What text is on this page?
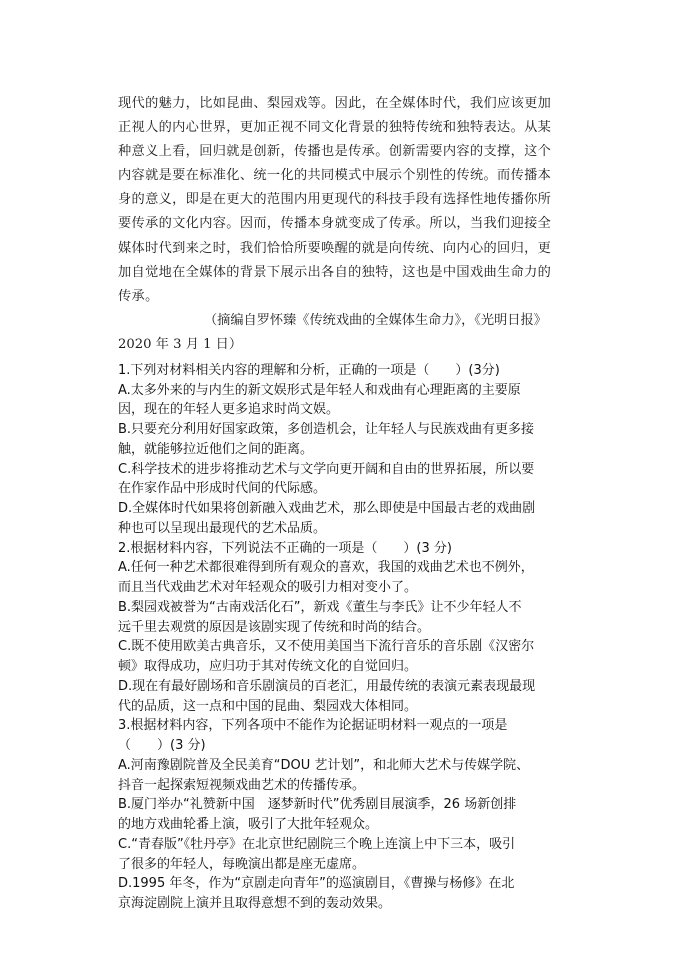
现代的魅力，比如昆曲、梨园戏等。因此，在全媒体时代，我们应该更加

正视人的内心世界，更加正视不同文化背景的独特传统和独特表达。从某

种意义上看，回归就是创新，传播也是传承。创新需要内容的支撑，这个

内容就是要在标准化、统一化的共同模式中展示个别性的传统。而传播本

身的意义，即是在更大的范围内用更现代的科技手段有选择性地传播你所

要传承的文化内容。因而，传播本身就变成了传承。所以，当我们迎接全

媒体时代到来之时，我们恰恰所要唤醒的就是向传统、向内心的回归，更

加自觉地在全媒体的背景下展示出各自的独特，这也是中国戏曲生命力的

传承。

（摘编自罗怀臻《传统戏曲的全媒体生命力》，《光明日报》

2020 年 3 月 1 日）

1.下列对材料相关内容的理解和分析，正确的一项是（　　）(3分)

A.太多外来的与内生的新文娱形式是年轻人和戏曲有心理距离的主要原

因，现在的年轻人更多追求时尚文娱。

B.只要充分利用好国家政策，多创造机会，让年轻人与民族戏曲有更多接

触，就能够拉近他们之间的距离。

C.科学技术的进步将推动艺术与文学向更开阔和自由的世界拓展，所以要

在作家作品中形成时代间的代际感。

D.全媒体时代如果将创新融入戏曲艺术，那么即使是中国最古老的戏曲剧

种也可以呈现出最现代的艺术品质。

2.根据材料内容，下列说法不正确的一项是（　　）(3 分)

A.任何一种艺术都很难得到所有观众的喜欢，我国的戏曲艺术也不例外，

而且当代戏曲艺术对年轻观众的吸引力相对变小了。

B.梨园戏被誉为“古南戏活化石”，新戏《董生与李氏》让不少年轻人不

远千里去观赏的原因是该剧实现了传统和时尚的结合。

C.既不使用欧美古典音乐，又不使用美国当下流行音乐的音乐剧《汉密尔

顿》取得成功，应归功于其对传统文化的自觉回归。

D.现在有最好剧场和音乐剧演员的百老汇，用最传统的表演元素表现最现

代的品质，这一点和中国的昆曲、梨园戏大体相同。

3.根据材料内容，下列各项中不能作为论据证明材料一观点的一项是

（　　）(3 分)

A.河南豫剧院普及全民美育“DOU 艺计划”，和北师大艺术与传媒学院、

抖音一起探索短视频戏曲艺术的传播传承。

B.厦门举办“礼赞新中国　逐梦新时代”优秀剧目展演季，26 场新创排

的地方戏曲轮番上演，吸引了大批年轻观众。

C.“青春版”《牡丹亭》在北京世纪剧院三个晚上连演上中下三本，吸引

了很多的年轻人，每晚演出都是座无虚席。

D.1995 年冬，作为“京剧走向青年”的巡演剧目，《曹操与杨修》在北

京海淀剧院上演并且取得意想不到的轰动效果。
